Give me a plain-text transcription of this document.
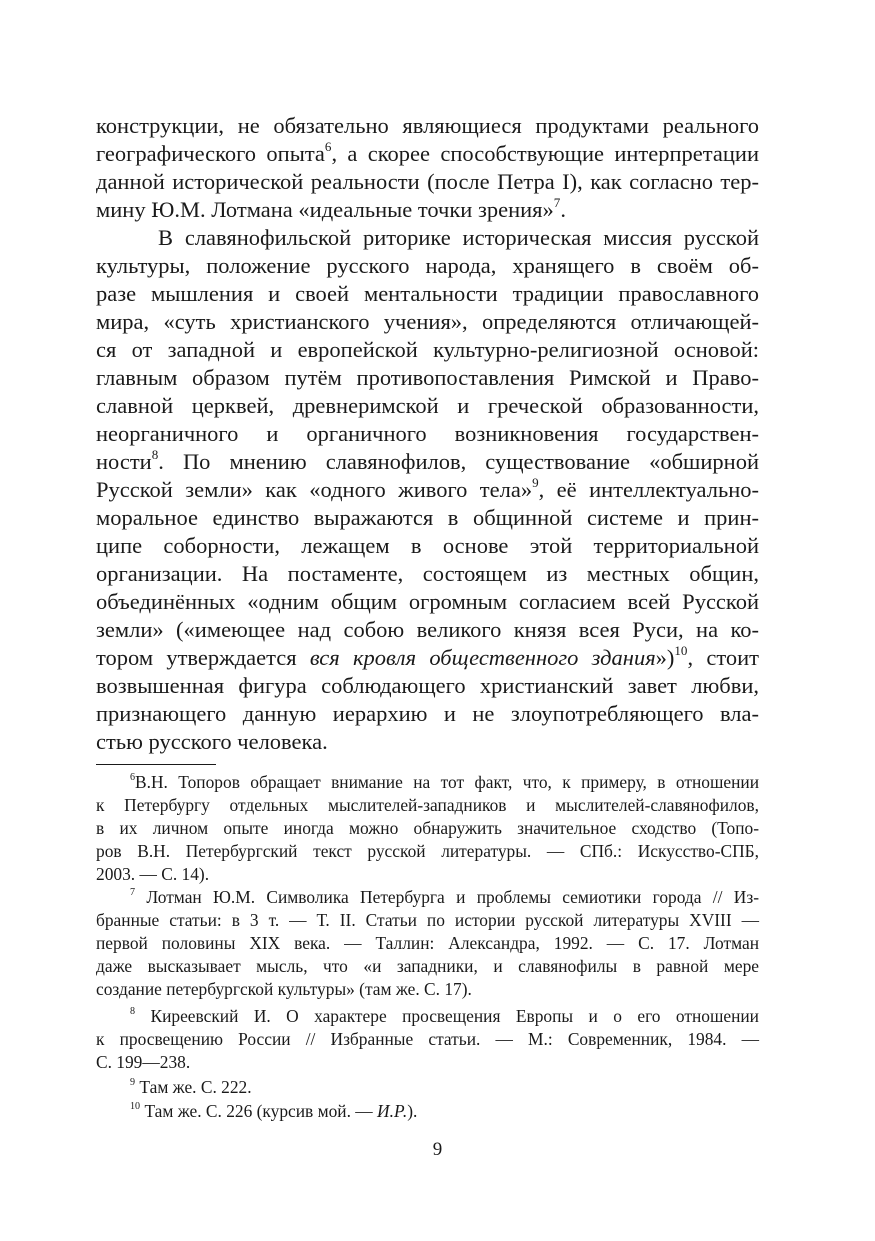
конструкции, не обязательно являющиеся продуктами реального
географического опыта$^6$, а скорее способствующие интерпретации
данной исторической реальности (после Петра I), как согласно тер-
мину Ю.М. Лотмана «идеальные точки зрения»$^7$.
В славянофильской риторике историческая миссия русской
культуры, положение русского народа, хранящего в своём об-
разе мышления и своей ментальности традиции православного
мира, «суть христианского учения», определяются отличающей-
ся от западной и европейской культурно-религиозной основой:
главным образом путём противопоставления Римской и Право-
славной церквей, древнеримской и греческой образованности,
неорганичного и органичного возникновения государствен-
ности$^8$. По мнению славянофилов, существование «обширной
Русской земли» как «одного живого тела»$^9$, её интеллектуально-
моральное единство выражаются в общинной системе и прин-
ципе соборности, лежащем в основе этой территориальной
организации. На постаменте, состоящем из местных общин,
объединённых «одним общим огромным согласием всей Русской
земли» («имеющее над собою великого князя всея Руси, на ко-
тором утверждается вся кровля общественного здания»)$^{10}$, стоит
возвышенная фигура соблюдающего христианский завет любви,
признающего данную иерархию и не злоупотребляющего вла-
стью русского человека.
$^6$В.Н. Топоров обращает внимание на тот факт, что, к примеру, в отношении
к Петербургу отдельных мыслителей-западников и мыслителей-славянофилов,
в их личном опыте иногда можно обнаружить значительное сходство (Топо-
ров В.Н. Петербургский текст русской литературы. — СПб.: Искусство-СПБ,
2003. — С. 14).
$^7$ Лотман Ю.М. Символика Петербурга и проблемы семиотики города // Из-
бранные статьи: в 3 т. — Т. II. Статьи по истории русской литературы XVIII —
первой половины XIX века. — Таллин: Александра, 1992. — С. 17. Лотман
даже высказывает мысль, что «и западники, и славянофилы в равной мере
создание петербургской культуры» (там же. С. 17).
$^8$ Киреевский И. О характере просвещения Европы и о его отношении
к просвещению России // Избранные статьи. — М.: Современник, 1984. —
С. 199—238.
$^9$ Там же. С. 222.
$^{10}$ Там же. С. 226 (курсив мой. — И.Р.).
9
